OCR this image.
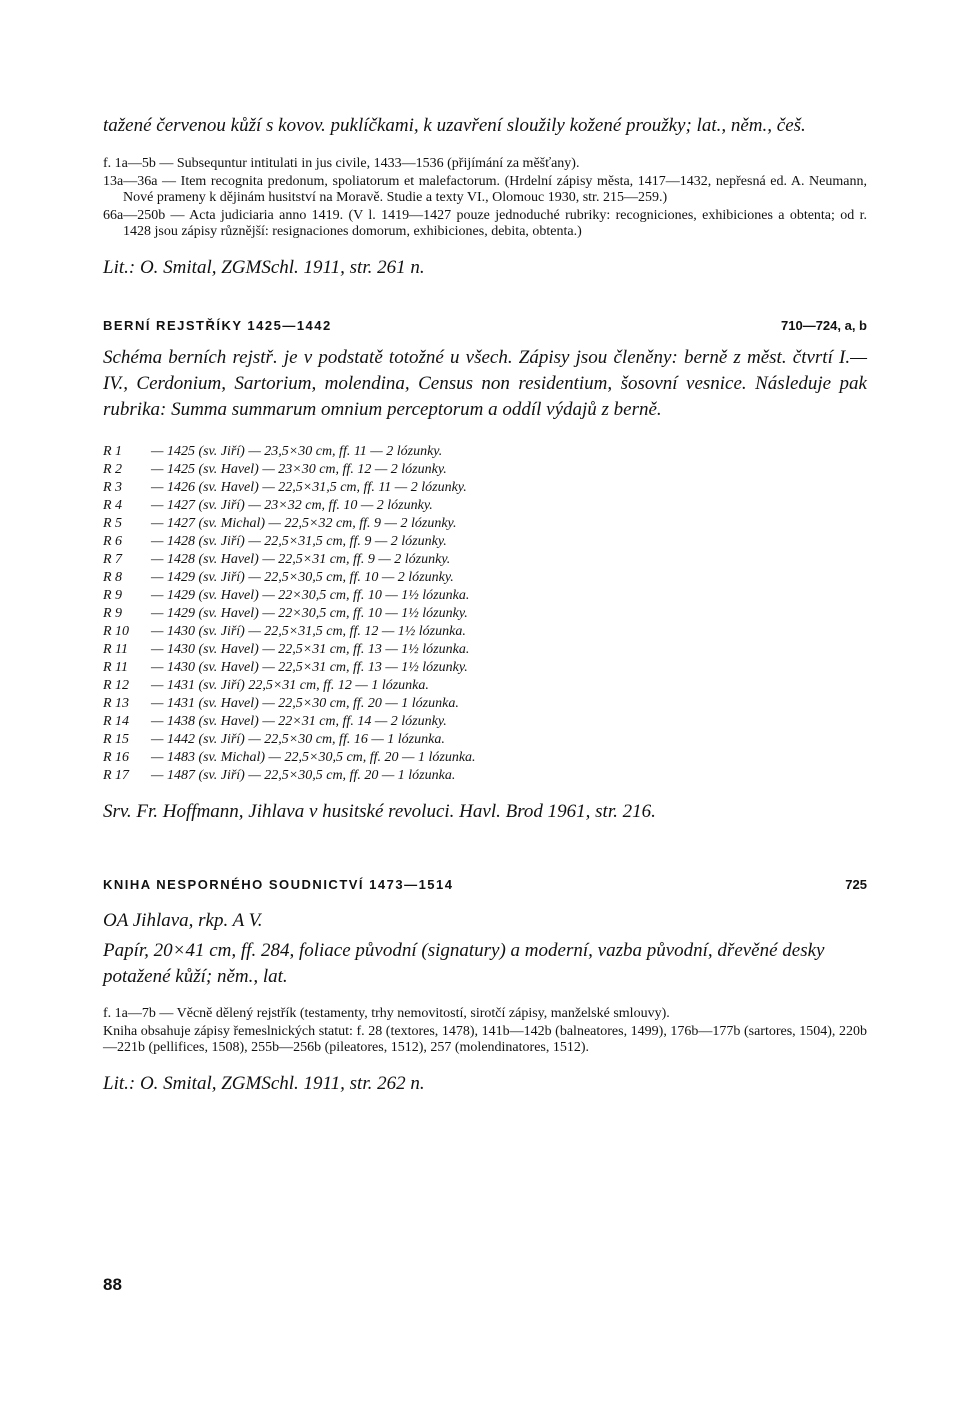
tažené červenou kůží s kovov. puklíčkami, k uzavření sloužily kožené proužky; lat., něm., češ.

f. 1a—5b — Subsequntur intitulati in jus civile, 1433—1536 (přijímání za měšťany).

13a—36a — Item recognita predonum, spoliatorum et malefactorum. (Hrdelní zápisy města, 1417—1432, nepřesná ed. A. Neumann, Nové prameny k dějinám husitství na Moravě. Studie a texty VI., Olomouc 1930, str. 215—259.)

66a—250b — Acta judiciaria anno 1419. (V l. 1419—1427 pouze jednoduché rubriky: recogniciones, exhibiciones a obtenta; od r. 1428 jsou zápisy různější: resignaciones domorum, exhibiciones, debita, obtenta.)

Lit.: O. Smital, ZGMSchl. 1911, str. 261 n.

BERNÍ REJSTŘÍKY 1425—1442	710—724, a, b

Schéma berních rejstř. je v podstatě totožné u všech. Zápisy jsou členěny: berně z měst. čtvrtí I.—IV., Cerdonium, Sartorium, molendina, Census non residentium, šosovní vesnice. Následuje pak rubrika: Summa summarum omnium perceptorum a oddíl výdajů z berně.

R 1	— 1425 (sv. Jiří) — 23,5×30 cm, ff. 11 — 2 lózunky.
R 2	— 1425 (sv. Havel) — 23×30 cm, ff. 12 — 2 lózunky.
R 3	— 1426 (sv. Havel) — 22,5×31,5 cm, ff. 11 — 2 lózunky.
R 4	— 1427 (sv. Jiří) — 23×32 cm, ff. 10 — 2 lózunky.
R 5	— 1427 (sv. Michal) — 22,5×32 cm, ff. 9 — 2 lózunky.
R 6	— 1428 (sv. Jiří) — 22,5×31,5 cm, ff. 9 — 2 lózunky.
R 7	— 1428 (sv. Havel) — 22,5×31 cm, ff. 9 — 2 lózunky.
R 8	— 1429 (sv. Jiří) — 22,5×30,5 cm, ff. 10 — 2 lózunky.
R 9	— 1429 (sv. Havel) — 22×30,5 cm, ff. 10 — 1½ lózunka.
R 9	— 1429 (sv. Havel) — 22×30,5 cm, ff. 10 — 1½ lózunky.
R 10	— 1430 (sv. Jiří) — 22,5×31,5 cm, ff. 12 — 1½ lózunka.
R 11	— 1430 (sv. Havel) — 22,5×31 cm, ff. 13 — 1½ lózunka.
R 11	— 1430 (sv. Havel) — 22,5×31 cm, ff. 13 — 1½ lózunky.
R 12	— 1431 (sv. Jiří) 22,5×31 cm, ff. 12 — 1 lózunka.
R 13	— 1431 (sv. Havel) — 22,5×30 cm, ff. 20 — 1 lózunka.
R 14	— 1438 (sv. Havel) — 22×31 cm, ff. 14 — 2 lózunky.
R 15	— 1442 (sv. Jiří) — 22,5×30 cm, ff. 16 — 1 lózunka.
R 16	— 1483 (sv. Michal) — 22,5×30,5 cm, ff. 20 — 1 lózunka.
R 17	— 1487 (sv. Jiří) — 22,5×30,5 cm, ff. 20 — 1 lózunka.

Srv. Fr. Hoffmann, Jihlava v husitské revoluci. Havl. Brod 1961, str. 216.

KNIHA NESPORNÉHO SOUDNICTVÍ 1473—1514	725

OA Jihlava, rkp. A V.

Papír, 20×41 cm, ff. 284, foliace původní (signatury) a moderní, vazba původní, dřevěné desky potažené kůží; něm., lat.

f. 1a—7b — Věcně dělený rejstřík (testamenty, trhy nemovitostí, sirotčí zápisy, manželské smlouvy).

Kniha obsahuje zápisy řemeslnických statut: f. 28 (textores, 1478), 141b—142b (balneatores, 1499), 176b—177b (sartores, 1504), 220b—221b (pellifices, 1508), 255b—256b (pileatores, 1512), 257 (molendinatores, 1512).

Lit.: O. Smital, ZGMSchl. 1911, str. 262 n.

88
